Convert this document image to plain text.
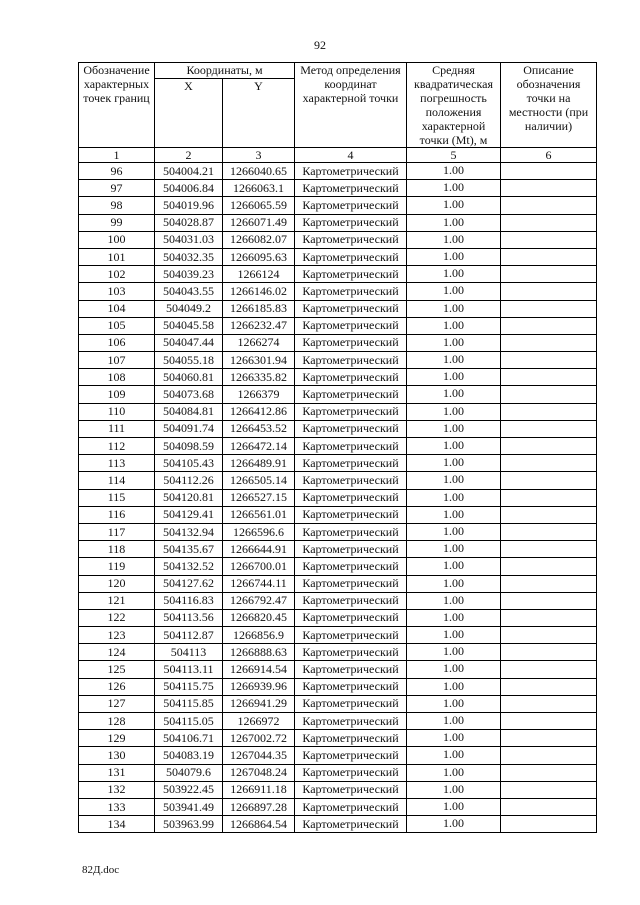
92
Обозначение характерных точек границ	Координаты, м		Метод определения координат характерной точки	Средняя квадратическая погрешность положения характерной точки (Mt), м	Описание обозначения точки на местности (при наличии)
	X	Y			
1	2	3	4	5	6
96	504004.21	1266040.65	Картометрический	1.00	
97	504006.84	1266063.1	Картометрический	1.00	
98	504019.96	1266065.59	Картометрический	1.00	
99	504028.87	1266071.49	Картометрический	1.00	
100	504031.03	1266082.07	Картометрический	1.00	
101	504032.35	1266095.63	Картометрический	1.00	
102	504039.23	1266124	Картометрический	1.00	
103	504043.55	1266146.02	Картометрический	1.00	
104	504049.2	1266185.83	Картометрический	1.00	
105	504045.58	1266232.47	Картометрический	1.00	
106	504047.44	1266274	Картометрический	1.00	
107	504055.18	1266301.94	Картометрический	1.00	
108	504060.81	1266335.82	Картометрический	1.00	
109	504073.68	1266379	Картометрический	1.00	
110	504084.81	1266412.86	Картометрический	1.00	
111	504091.74	1266453.52	Картометрический	1.00	
112	504098.59	1266472.14	Картометрический	1.00	
113	504105.43	1266489.91	Картометрический	1.00	
114	504112.26	1266505.14	Картометрический	1.00	
115	504120.81	1266527.15	Картометрический	1.00	
116	504129.41	1266561.01	Картометрический	1.00	
117	504132.94	1266596.6	Картометрический	1.00	
118	504135.67	1266644.91	Картометрический	1.00	
119	504132.52	1266700.01	Картометрический	1.00	
120	504127.62	1266744.11	Картометрический	1.00	
121	504116.83	1266792.47	Картометрический	1.00	
122	504113.56	1266820.45	Картометрический	1.00	
123	504112.87	1266856.9	Картометрический	1.00	
124	504113	1266888.63	Картометрический	1.00	
125	504113.11	1266914.54	Картометрический	1.00	
126	504115.75	1266939.96	Картометрический	1.00	
127	504115.85	1266941.29	Картометрический	1.00	
128	504115.05	1266972	Картометрический	1.00	
129	504106.71	1267002.72	Картометрический	1.00	
130	504083.19	1267044.35	Картометрический	1.00	
131	504079.6	1267048.24	Картометрический	1.00	
132	503922.45	1266911.18	Картометрический	1.00	
133	503941.49	1266897.28	Картометрический	1.00	
134	503963.99	1266864.54	Картометрический	1.00	
82Д.doc
